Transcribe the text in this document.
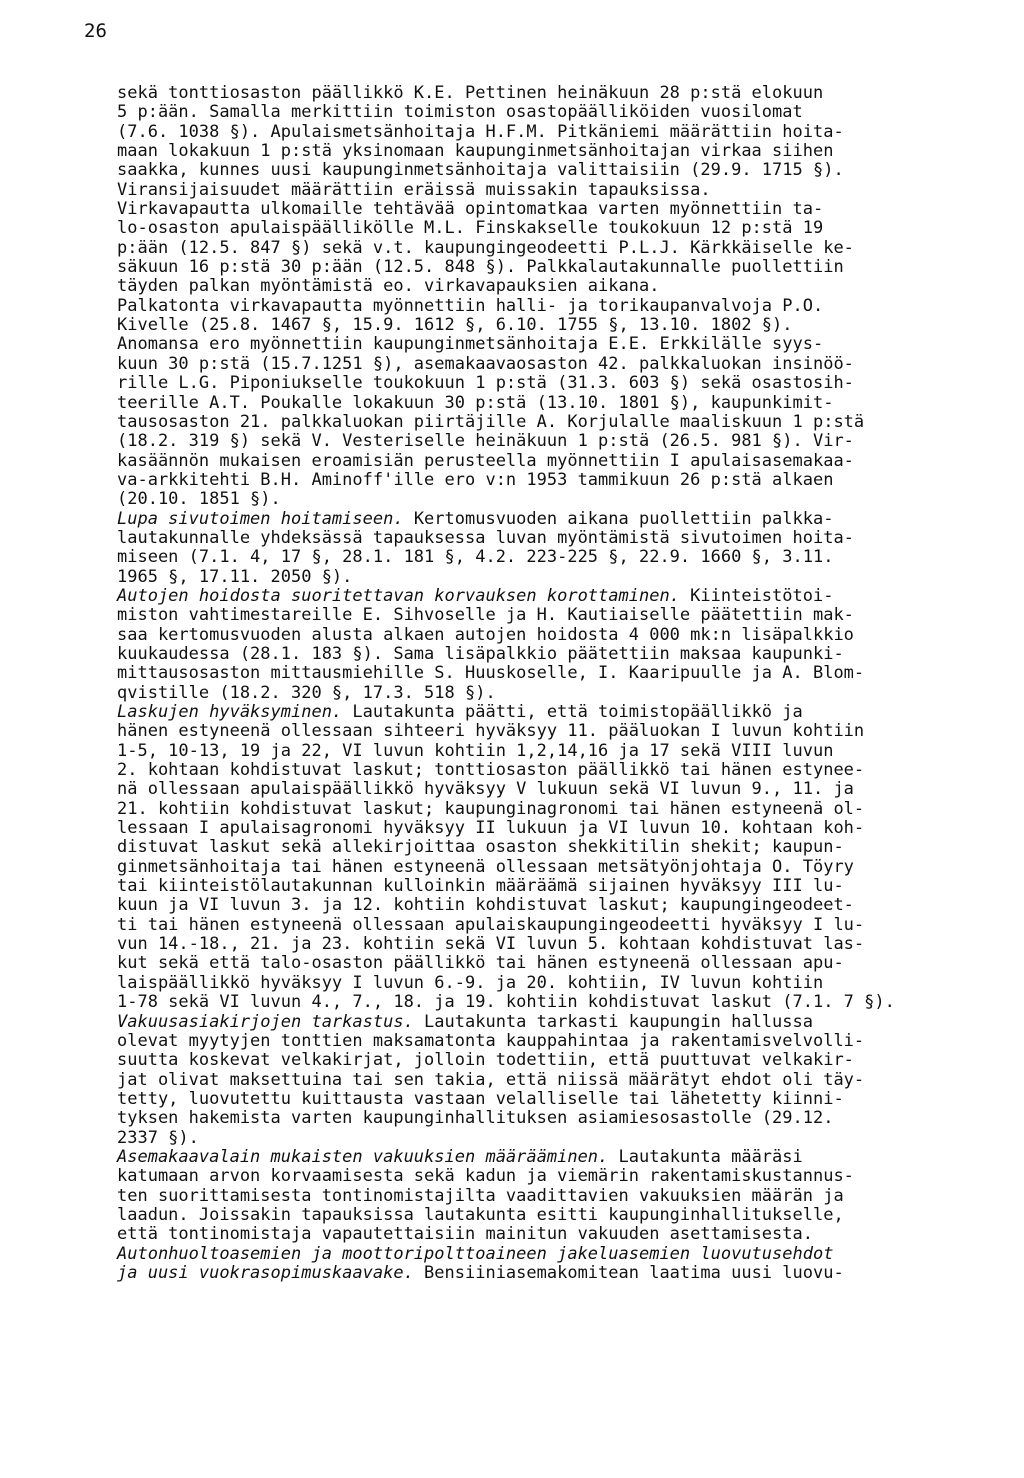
26
sekä tonttiosaston päällikkö K.E. Pettinen heinäkuun 28 p:stä elokuun
5 p:ään. Samalla merkittiin toimiston osastopäälliköiden vuosilomat
(7.6. 1038 §). Apulaismetsänhoitaja H.F.M. Pitkäniemi määrättiin hoita-
maan lokakuun 1 p:stä yksinomaan kaupunginmetsänhoitajan virkaa siihen
saakka, kunnes uusi kaupunginmetsänhoitaja valittaisiin (29.9. 1715 §).
Viransijaisuudet määrättiin eräissä muissakin tapauksissa.
Virkavapautta ulkomaille tehtävää opintomatkaa varten myönnettiin ta-
lo-osaston apulaispäällikölle M.L. Finskakselle toukokuun 12 p:stä 19
p:ään (12.5. 847 §) sekä v.t. kaupungingeodeetti P.L.J. Kärkkäiselle ke-
säkuun 16 p:stä 30 p:ään (12.5. 848 §). Palkkalautakunnalle puollettiin
täyden palkan myöntämistä eo. virkavapauksien aikana.
Palkatonta virkavapautta myönnettiin halli- ja torikaupanvalvoja P.O.
Kivelle (25.8. 1467 §, 15.9. 1612 §, 6.10. 1755 §, 13.10. 1802 §).
Anomansa ero myönnettiin kaupunginmetsänhoitaja E.E. Erkkilälle syys-
kuun 30 p:stä (15.7.1251 §), asemakaavaosaston 42. palkkaluokan insinöö-
rille L.G. Piponiukselle toukokuun 1 p:stä (31.3. 603 §) sekä osastosih-
teerille A.T. Poukalle lokakuun 30 p:stä (13.10. 1801 §), kaupunkimit-
tausosaston 21. palkkaluokan piirtäjille A. Korjulalle maaliskuun 1 p:stä
(18.2. 319 §) sekä V. Vesteriselle heinäkuun 1 p:stä (26.5. 981 §). Vir-
kasäännön mukaisen eroamisiän perusteella myönnettiin I apulaisasemakaa-
va-arkkitehti B.H. Aminoff'ille ero v:n 1953 tammikuun 26 p:stä alkaen
(20.10. 1851 §).
Lupa sivutoimen hoitamiseen. Kertomusvuoden aikana puollettiin palkka-
lautakunnalle yhdeksässä tapauksessa luvan myöntämistä sivutoimen hoita-
miseen (7.1. 4, 17 §, 28.1. 181 §, 4.2. 223-225 §, 22.9. 1660 §, 3.11.
1965 §, 17.11. 2050 §).
Autojen hoidosta suoritettavan korvauksen korottaminen. Kiinteistötoi-
miston vahtimestareille E. Sihvoselle ja H. Kautiaiselle päätettiin mak-
saa kertomusvuoden alusta alkaen autojen hoidosta 4 000 mk:n lisäpalkkio
kuukaudessa (28.1. 183 §). Sama lisäpalkkio päätettiin maksaa kaupunki-
mittausosaston mittausmiehille S. Huuskoselle, I. Kaaripuulle ja A. Blom-
qvistille (18.2. 320 §, 17.3. 518 §).
Laskujen hyväksyminen. Lautakunta päätti, että toimistopäällikkö ja
hänen estyneenä ollessaan sihteeri hyväksyy 11. pääluokan I luvun kohtiin
1-5, 10-13, 19 ja 22, VI luvun kohtiin 1,2,14,16 ja 17 sekä VIII luvun
2. kohtaan kohdistuvat laskut; tonttiosaston päällikkö tai hänen estynee-
nä ollessaan apulaispäällikkö hyväksyy V lukuun sekä VI luvun 9., 11. ja
21. kohtiin kohdistuvat laskut; kaupunginagronomi tai hänen estyneenä ol-
lessaan I apulaisagronomi hyväksyy II lukuun ja VI luvun 10. kohtaan koh-
distuvat laskut sekä allekirjoittaa osaston shekkitilin shekit; kaupun-
ginmetsänhoitaja tai hänen estyneenä ollessaan metsätyönjohtaja O. Töyry
tai kiinteistölautakunnan kulloinkin määräämä sijainen hyväksyy III lu-
kuun ja VI luvun 3. ja 12. kohtiin kohdistuvat laskut; kaupungingeodeet-
ti tai hänen estyneenä ollessaan apulaiskaupungingeodeetti hyväksyy I lu-
vun 14.-18., 21. ja 23. kohtiin sekä VI luvun 5. kohtaan kohdistuvat las-
kut sekä että talo-osaston päällikkö tai hänen estyneenä ollessaan apu-
laispäällikkö hyväksyy I luvun 6.-9. ja 20. kohtiin, IV luvun kohtiin
1-78 sekä VI luvun 4., 7., 18. ja 19. kohtiin kohdistuvat laskut (7.1. 7 §).
Vakuusasiakirjojen tarkastus. Lautakunta tarkasti kaupungin hallussa
olevat myytyjen tonttien maksamatonta kauppahintaa ja rakentamisvelvolli-
suutta koskevat velkakirjat, jolloin todettiin, että puuttuvat velkakir-
jat olivat maksettuina tai sen takia, että niissä määrätyt ehdot oli täy-
tetty, luovutettu kuittausta vastaan velalliselle tai lähetetty kiinni-
tyksen hakemista varten kaupunginhallituksen asiamiesosastolle (29.12.
2337 §).
Asemakaavalain mukaisten vakuuksien määrääminen. Lautakunta määräsi
katumaan arvon korvaamisesta sekä kadun ja viemärin rakentamiskustannus-
ten suorittamisesta tontinomistajilta vaadittavien vakuuksien määrän ja
laadun. Joissakin tapauksissa lautakunta esitti kaupunginhallitukselle,
että tontinomistaja vapautettaisiin mainitun vakuuden asettamisesta.
Autonhuoltoasemien ja moottoripolttoaineen jakeluasemien luovutusehdot
ja uusi vuokrasopimuskaavake. Bensiiniasemakomitean laatima uusi luovu-
